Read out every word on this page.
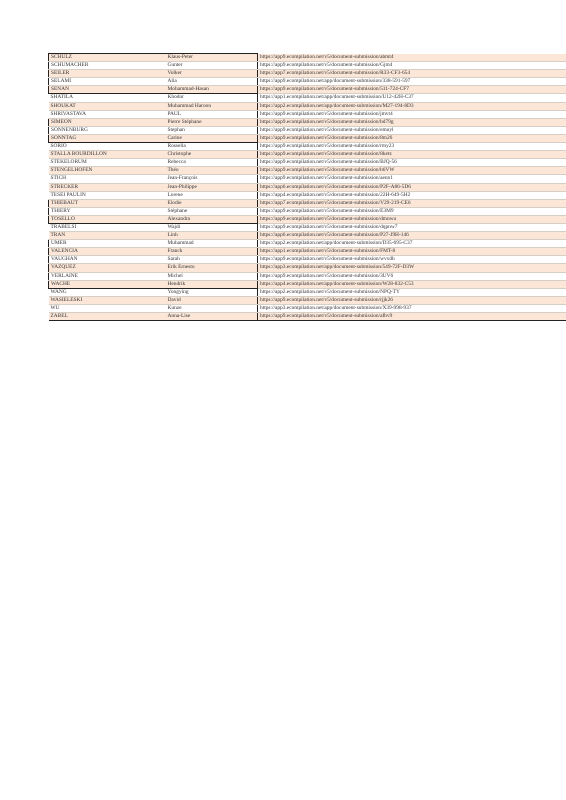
SCHULZ	Klaus-Peter	https://app9.ecompilation.net/v5/document-submission/abmt4
SCHUMACHER	Gunter	https://app9.ecompilation.net/v5/document-submission/Gjm4
SEILER	Volker	https://app7.ecompilation.net/v5/document-submission/R33-CF3-654
SELAMI	Alia	https://app9.ecompilation.net/app/document-submission/338-591-597
SENAN	Mohammad-Hasan	https://app9.ecompilation.net/v5/document-submission/511-724-CF7
SHATILA	Khodor	https://app1.ecompilation.net/app/document-submission/U12-42H-C37
SHOUKAT	Muhammad Haroon	https://app2.ecompilation.net/app/document-submission/M27-194-8D3
SHRIVASTAVA	PAUL	https://app9.ecompilation.net/v5/document-submission/jmvt4
SIMEON	Pierre Stéphane	https://app9.ecompilation.net/v5/document-submission/bd79g
SONNENBURG	Stephan	https://app9.ecompilation.net/v5/document-submission/emuyl
SONNTAG	Carine	https://app9.ecompilation.net/v5/document-submission/8m26
SORIO	Rossella	https://app9.ecompilation.net/v5/document-submission/rmy23
STALLA BOURDILLON	Christophe	https://app9.ecompilation.net/v5/document-submission/8ketz
STEKELORUM	Rebecca	https://app9.ecompilation.net/v5/document-submission/BJQ-56
STENGELHOFEN	Théo	https://app9.ecompilation.net/v5/document-submission/b6VW
STICH	Jean-François	https://app9.ecompilation.net/v5/document-submission/aenn1
STRECKER	Jean-Philippe	https://app6.ecompilation.net/v5/document-submission/P2F-A86-5D6
TESEI PAULIN	Lorene	https://app4.ecompilation.net/v5/document-submission/22H-649-5H2
THIEBAUT	Elodie	https://app7.ecompilation.net/v5/document-submission/V29-219-CE6
THIERY	Stéphane	https://app9.ecompilation.net/v5/document-submission/E3M9
TOSELLO	Alexandra	https://app9.ecompilation.net/v5/document-submission/dmnwu
TRABELSI	Wajdi	https://app9.ecompilation.net/v5/document-submission/dqpnw7
TRAN	Linh	https://app6.ecompilation.net/v5/document-submission/P27-J9H-146
UMER	Muhammad	https://app2.ecompilation.net/app/document-submission/D35-695-C37
VALENCIA	Franck	https://app1.ecompilation.net/v5/document-submission/FMT-8
VAUGHAN	Sarah	https://app9.ecompilation.net/v5/document-submission/wvxdh
VAZQUEZ	Erik Ernesto	https://app3.ecompilation.net/app/document-submission/549-72F-D3W
VERLAINE	Michel	https://app9.ecompilation.net/v5/document-submission/3UV6
WACHE	Hendrik	https://app4.ecompilation.net/app/document-submission/W28-832-C53
WANG	Yongying	https://app2.ecompilation.net/v5/document-submission/NPQ-TY
WASIELESKI	David	https://app9.ecompilation.net/v5/document-submission/rjjk26
WU	Kunze	https://app3.ecompilation.net/app/document-submission/X39-998-937
ZABEL	Anna-Lise	https://app9.ecompilation.net/v5/document-submission/afbv9
